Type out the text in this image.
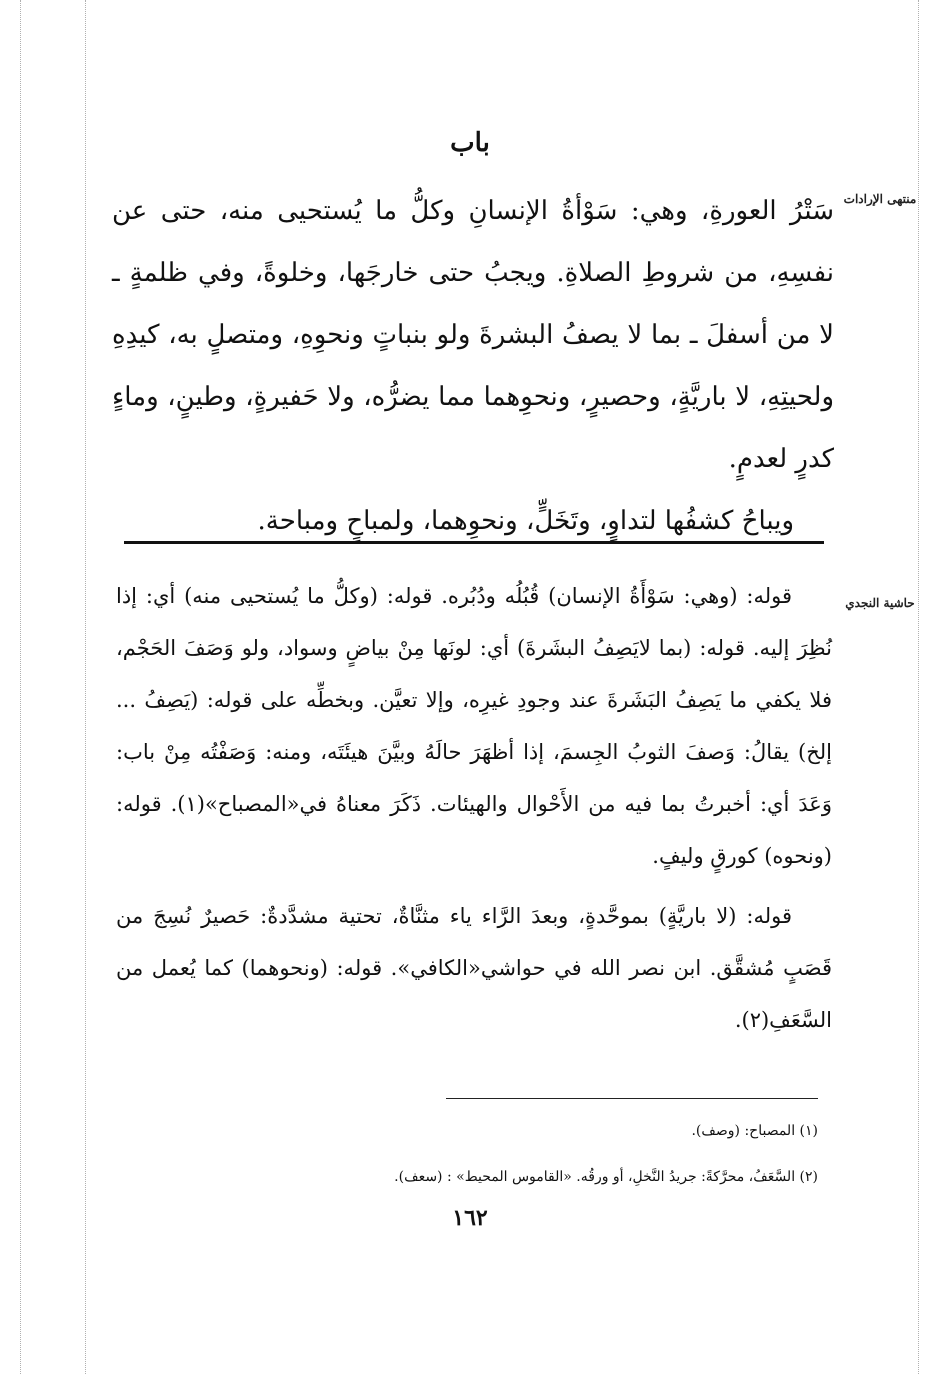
باب
منتهى الإرادات
حاشية النجدي

سَتْرُ العورةِ، وهي: سَوْأةُ الإنسانِ وكلُّ ما يُستحيى منه، حتى عن نفسِهِ، من شروطِ الصلاةِ. ويجبُ حتى خارجَها، وخلوةً، وفي ظلمةٍ ـ لا من أسفلَ ـ بما لا يصفُ البشرةَ ولو بنباتٍ ونحوِهِ، ومتصلٍ به، كيدِهِ ولحيتِهِ، لا باريَّةٍ، وحصيرٍ، ونحوِهما مما يضرُّه، ولا حَفيرةٍ، وطينٍ، وماءٍ كدرٍ لعدمٍ.

ويباحُ كشفُها لتداوٍ، وتَخَلٍّ، ونحوِهما، ولمباحٍ ومباحة.

قوله: (وهي: سَوْأَةُ الإنسان) قُبُلُه ودُبُره. قوله: (وكلُّ ما يُستحيى منه) أي: إذا نُظِرَ إليه. قوله: (بما لايَصِفُ البشَرةَ) أي: لونَها مِنْ بياضٍ وسواد، ولو وَصَفَ الحَجْم، فلا يكفي ما يَصِفُ البَشَرةَ عند وجودِ غيرِه، وإلا تعيَّن. وبخطِّه على قوله: (يَصِفُ ... إلخ) يقالُ: وَصفَ الثوبُ الجِسمَ، إذا أظهَرَ حالَهُ وبيَّنَ هيئَتَه، ومنه: وَصَفْتُه مِنْ باب: وَعَدَ أي: أخبرتُ بما فيه من الأَحْوال والهيئات. ذَكَرَ معناهُ في«المصباح»(١). قوله: (ونحوه) كورقٍ وليفٍ.

قوله: (لا باريَّةٍ) بموحَّدةٍ، وبعدَ الرَّاء ياء مثنَّاةٌ، تحتية مشدَّدةٌ: حَصيرٌ نُسِجَ من قَصَبٍ مُشقَّق. ابن نصر الله في حواشي«الكافي». قوله: (ونحوهما) كما يُعمل من السَّعَفِ(٢).

(١) المصباح: (وصف).
(٢) السَّعَفُ، محرَّكةً: جريدُ النَّخلِ، أو ورقُه. «القاموس المحيط» : (سعف).
١٦٢
